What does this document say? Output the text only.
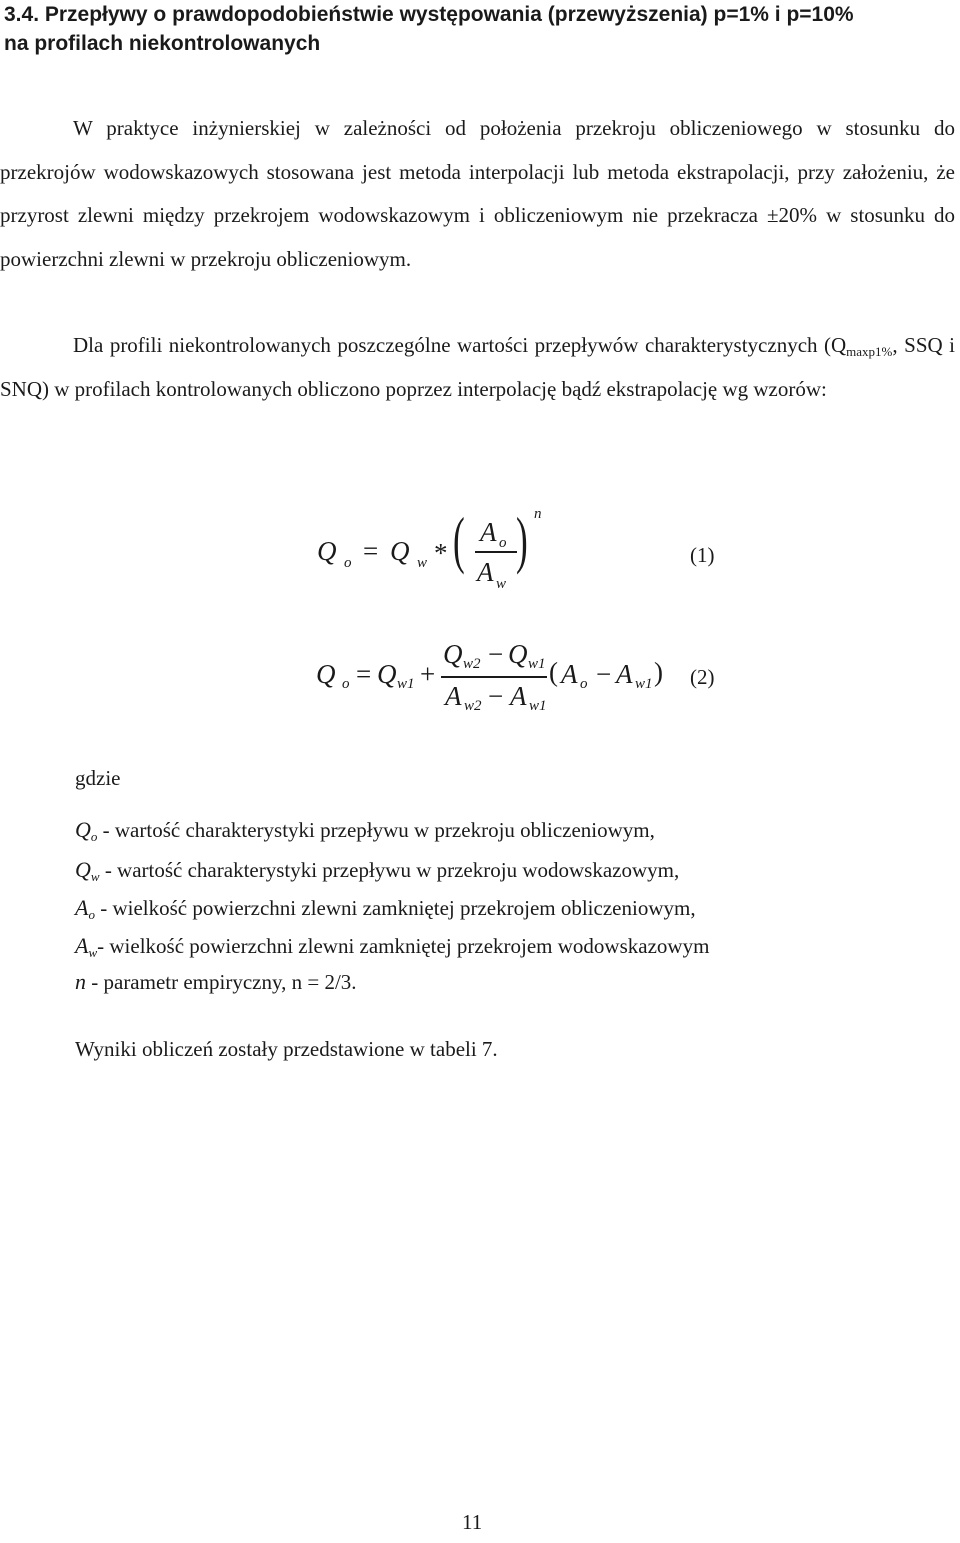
3.4. Przepływy o prawdopodobieństwie występowania (przewyższenia) p=1% i p=10%
na profilach niekontrolowanych

W praktyce inżynierskiej w zależności od położenia przekroju obliczeniowego w stosunku do przekrojów wodowskazowych stosowana jest metoda interpolacji lub metoda ekstrapolacji, przy założeniu, że przyrost zlewni między przekrojem wodowskazowym i obliczeniowym nie przekracza ±20% w stosunku do powierzchni zlewni w przekroju obliczeniowym.

Dla profili niekontrolowanych poszczególne wartości przepływów charakterystycznych ($Q_{maxp1\%}$, SSQ i SNQ) w profilach kontrolowanych obliczono poprzez interpolację bądź ekstrapolację wg wzorów:

Q o = Q w * ( A o
A w
) n
(1)
Q o = Q w1 +
Q w2 − Q w1
A w2 − A w1
( A o − A w1 ) (2)
gdzie
$Q_o$ - wartość charakterystyki przepływu w przekroju obliczeniowym,
$Q_w$ - wartość charakterystyki przepływu w przekroju wodowskazowym,
$A_o$ - wielkość powierzchni zlewni zamkniętej przekrojem obliczeniowym,
$A_w-$ wielkość powierzchni zlewni zamkniętej przekrojem wodowskazowym
n - parametr empiryczny, n = 2/3.

Wyniki obliczeń zostały przedstawione w tabeli 7.

11
